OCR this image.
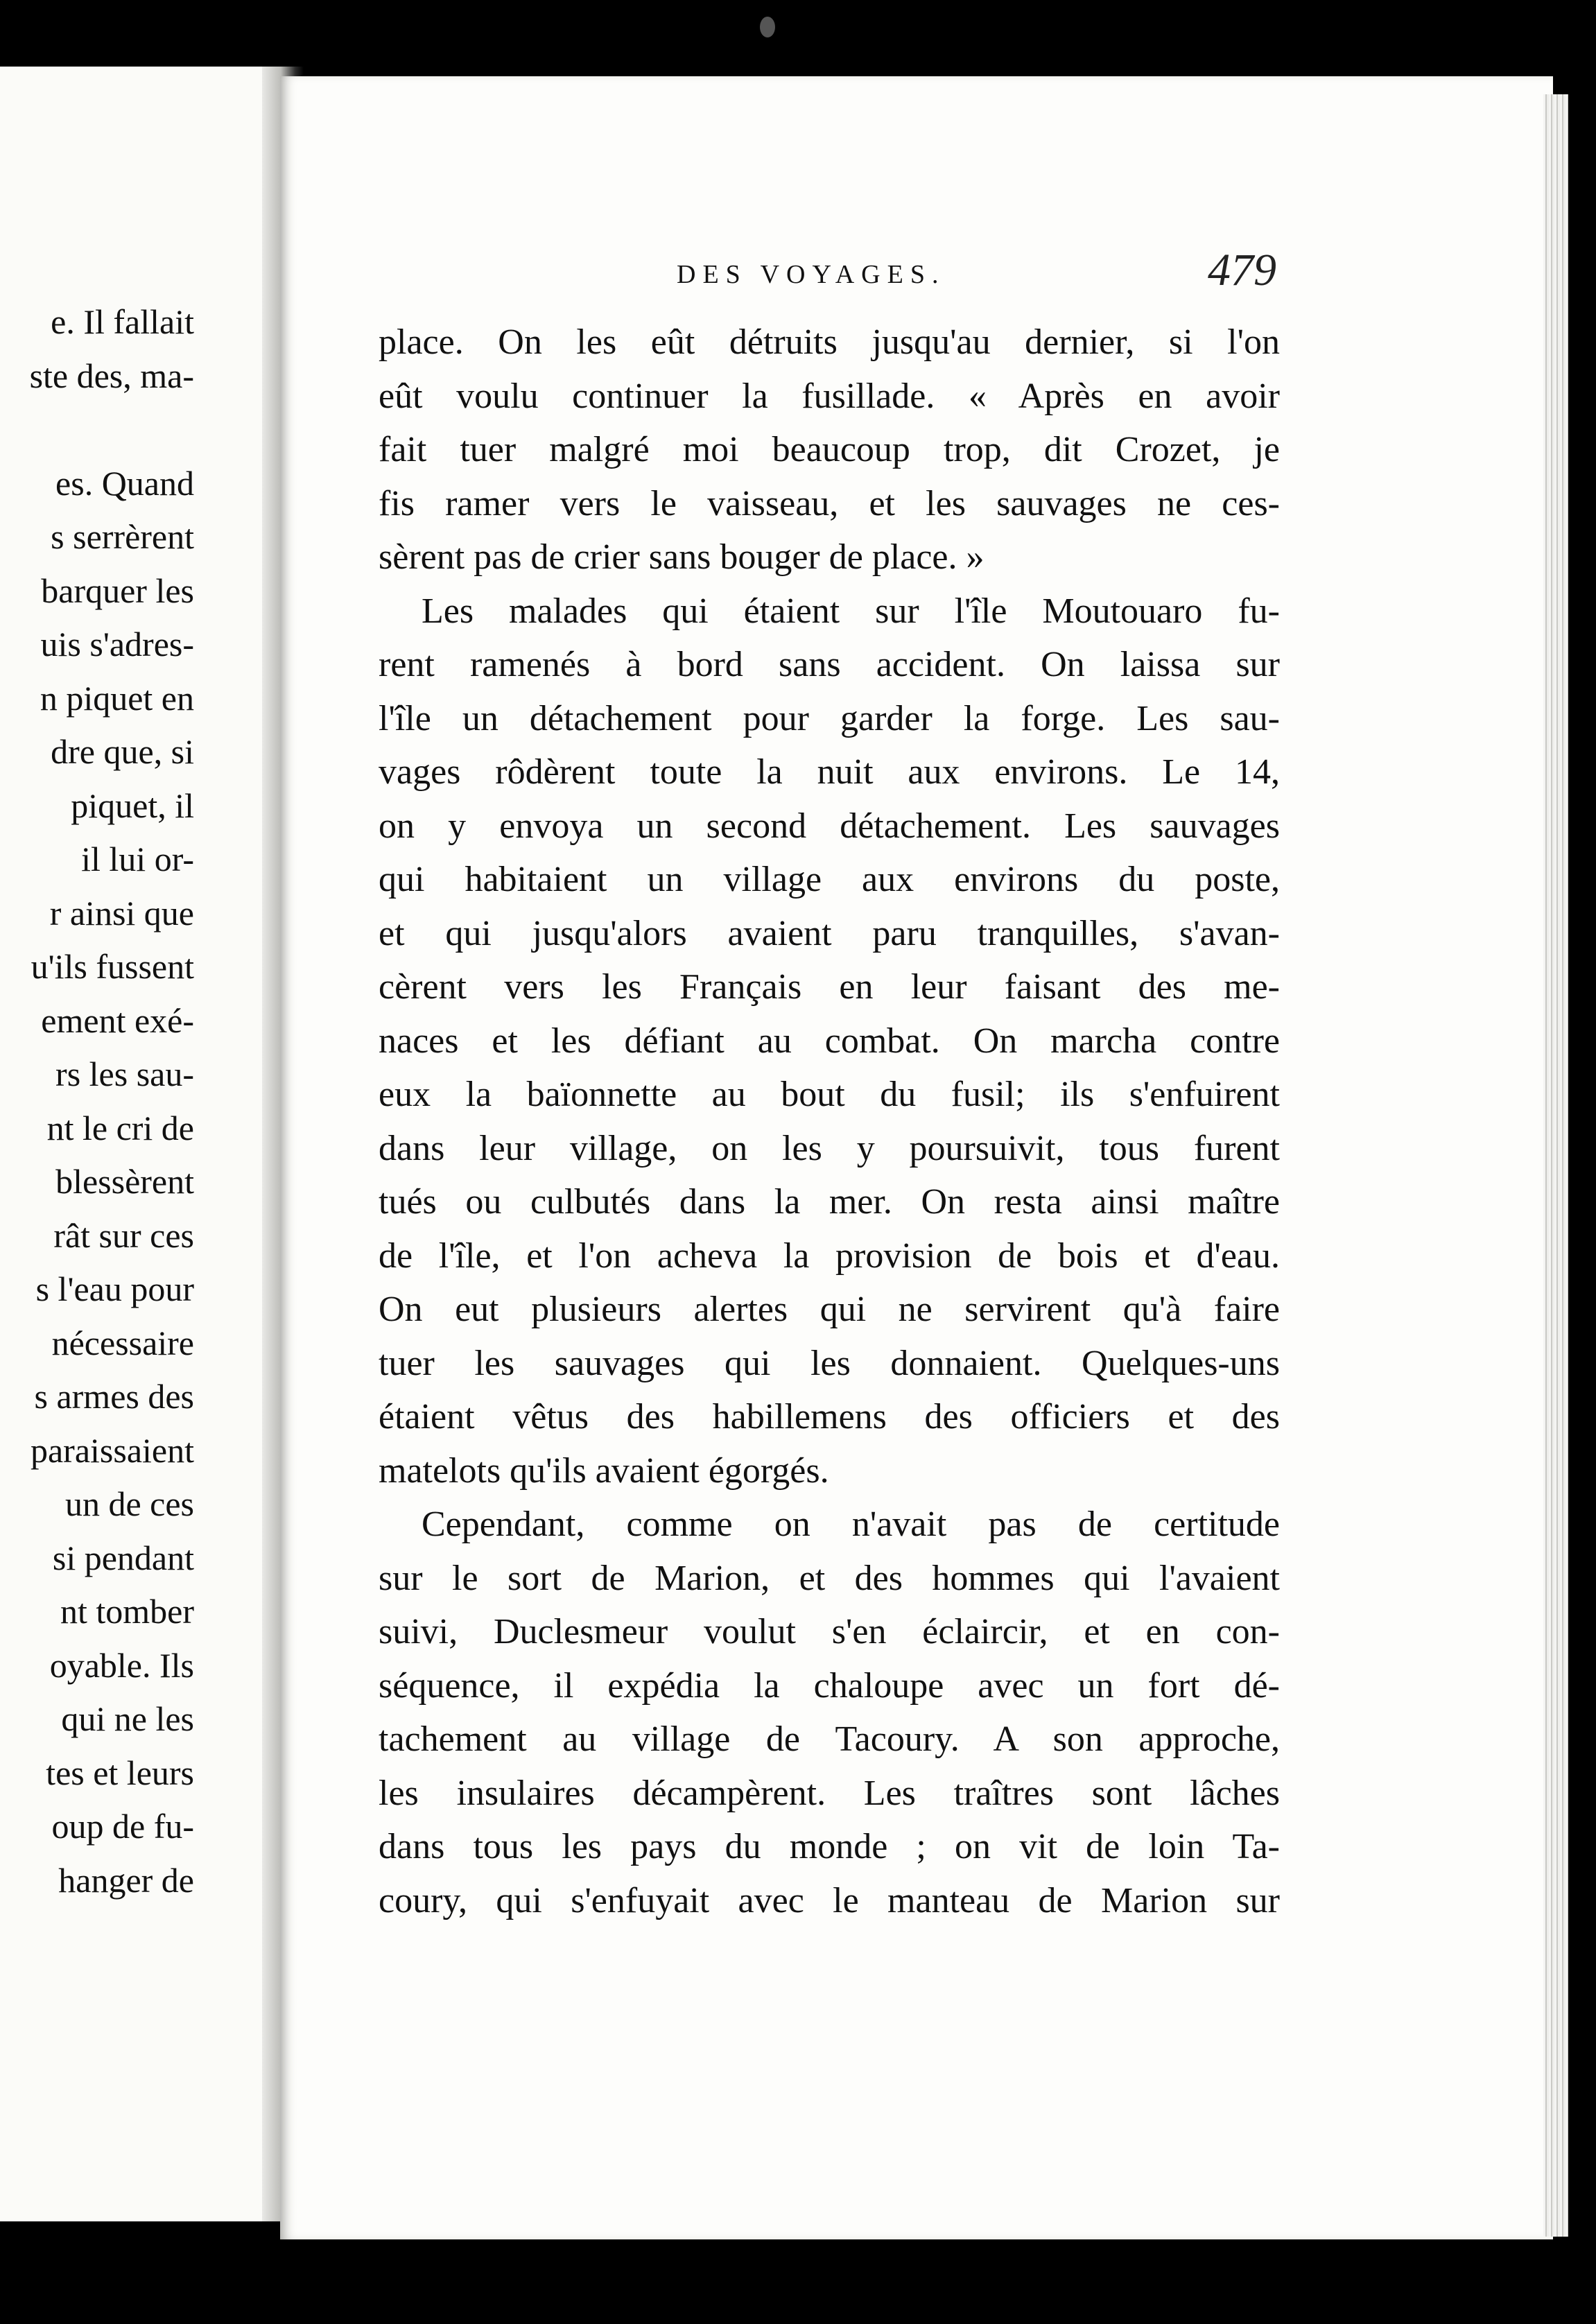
e. Il fallait
ste des, ma-
es. Quand
s serrèrent
barquer les
uis s'adres-
n piquet en
dre que, si
piquet, il
il lui or-
r ainsi que
u'ils fussent
ement exé-
rs les sau-
nt le cri de
blessèrent
rât sur ces
s l'eau pour
nécessaire
s armes des
paraissaient
un de ces
si pendant
nt tomber
oyable. Ils
qui ne les
tes et leurs
oup de fu-
hanger de
DES VOYAGES.	479
place. On les eût détruits jusqu'au dernier, si l'on
eût voulu continuer la fusillade. « Après en avoir
fait tuer malgré moi beaucoup trop, dit Crozet, je
fis ramer vers le vaisseau, et les sauvages ne ces-
sèrent pas de crier sans bouger de place. »
Les malades qui étaient sur l'île Moutouaro fu-
rent ramenés à bord sans accident. On laissa sur
l'île un détachement pour garder la forge. Les sau-
vages rôdèrent toute la nuit aux environs. Le 14,
on y envoya un second détachement. Les sauvages
qui habitaient un village aux environs du poste,
et qui jusqu'alors avaient paru tranquilles, s'avan-
cèrent vers les Français en leur faisant des me-
naces et les défiant au combat. On marcha contre
eux la baïonnette au bout du fusil; ils s'enfuirent
dans leur village, on les y poursuivit, tous furent
tués ou culbutés dans la mer. On resta ainsi maître
de l'île, et l'on acheva la provision de bois et d'eau.
On eut plusieurs alertes qui ne servirent qu'à faire
tuer les sauvages qui les donnaient. Quelques-uns
étaient vêtus des habillemens des officiers et des
matelots qu'ils avaient égorgés.
Cependant, comme on n'avait pas de certitude
sur le sort de Marion, et des hommes qui l'avaient
suivi, Duclesmeur voulut s'en éclaircir, et en con-
séquence, il expédia la chaloupe avec un fort dé-
tachement au village de Tacoury. A son approche,
les insulaires décampèrent. Les traîtres sont lâches
dans tous les pays du monde ; on vit de loin Ta-
coury, qui s'enfuyait avec le manteau de Marion sur
